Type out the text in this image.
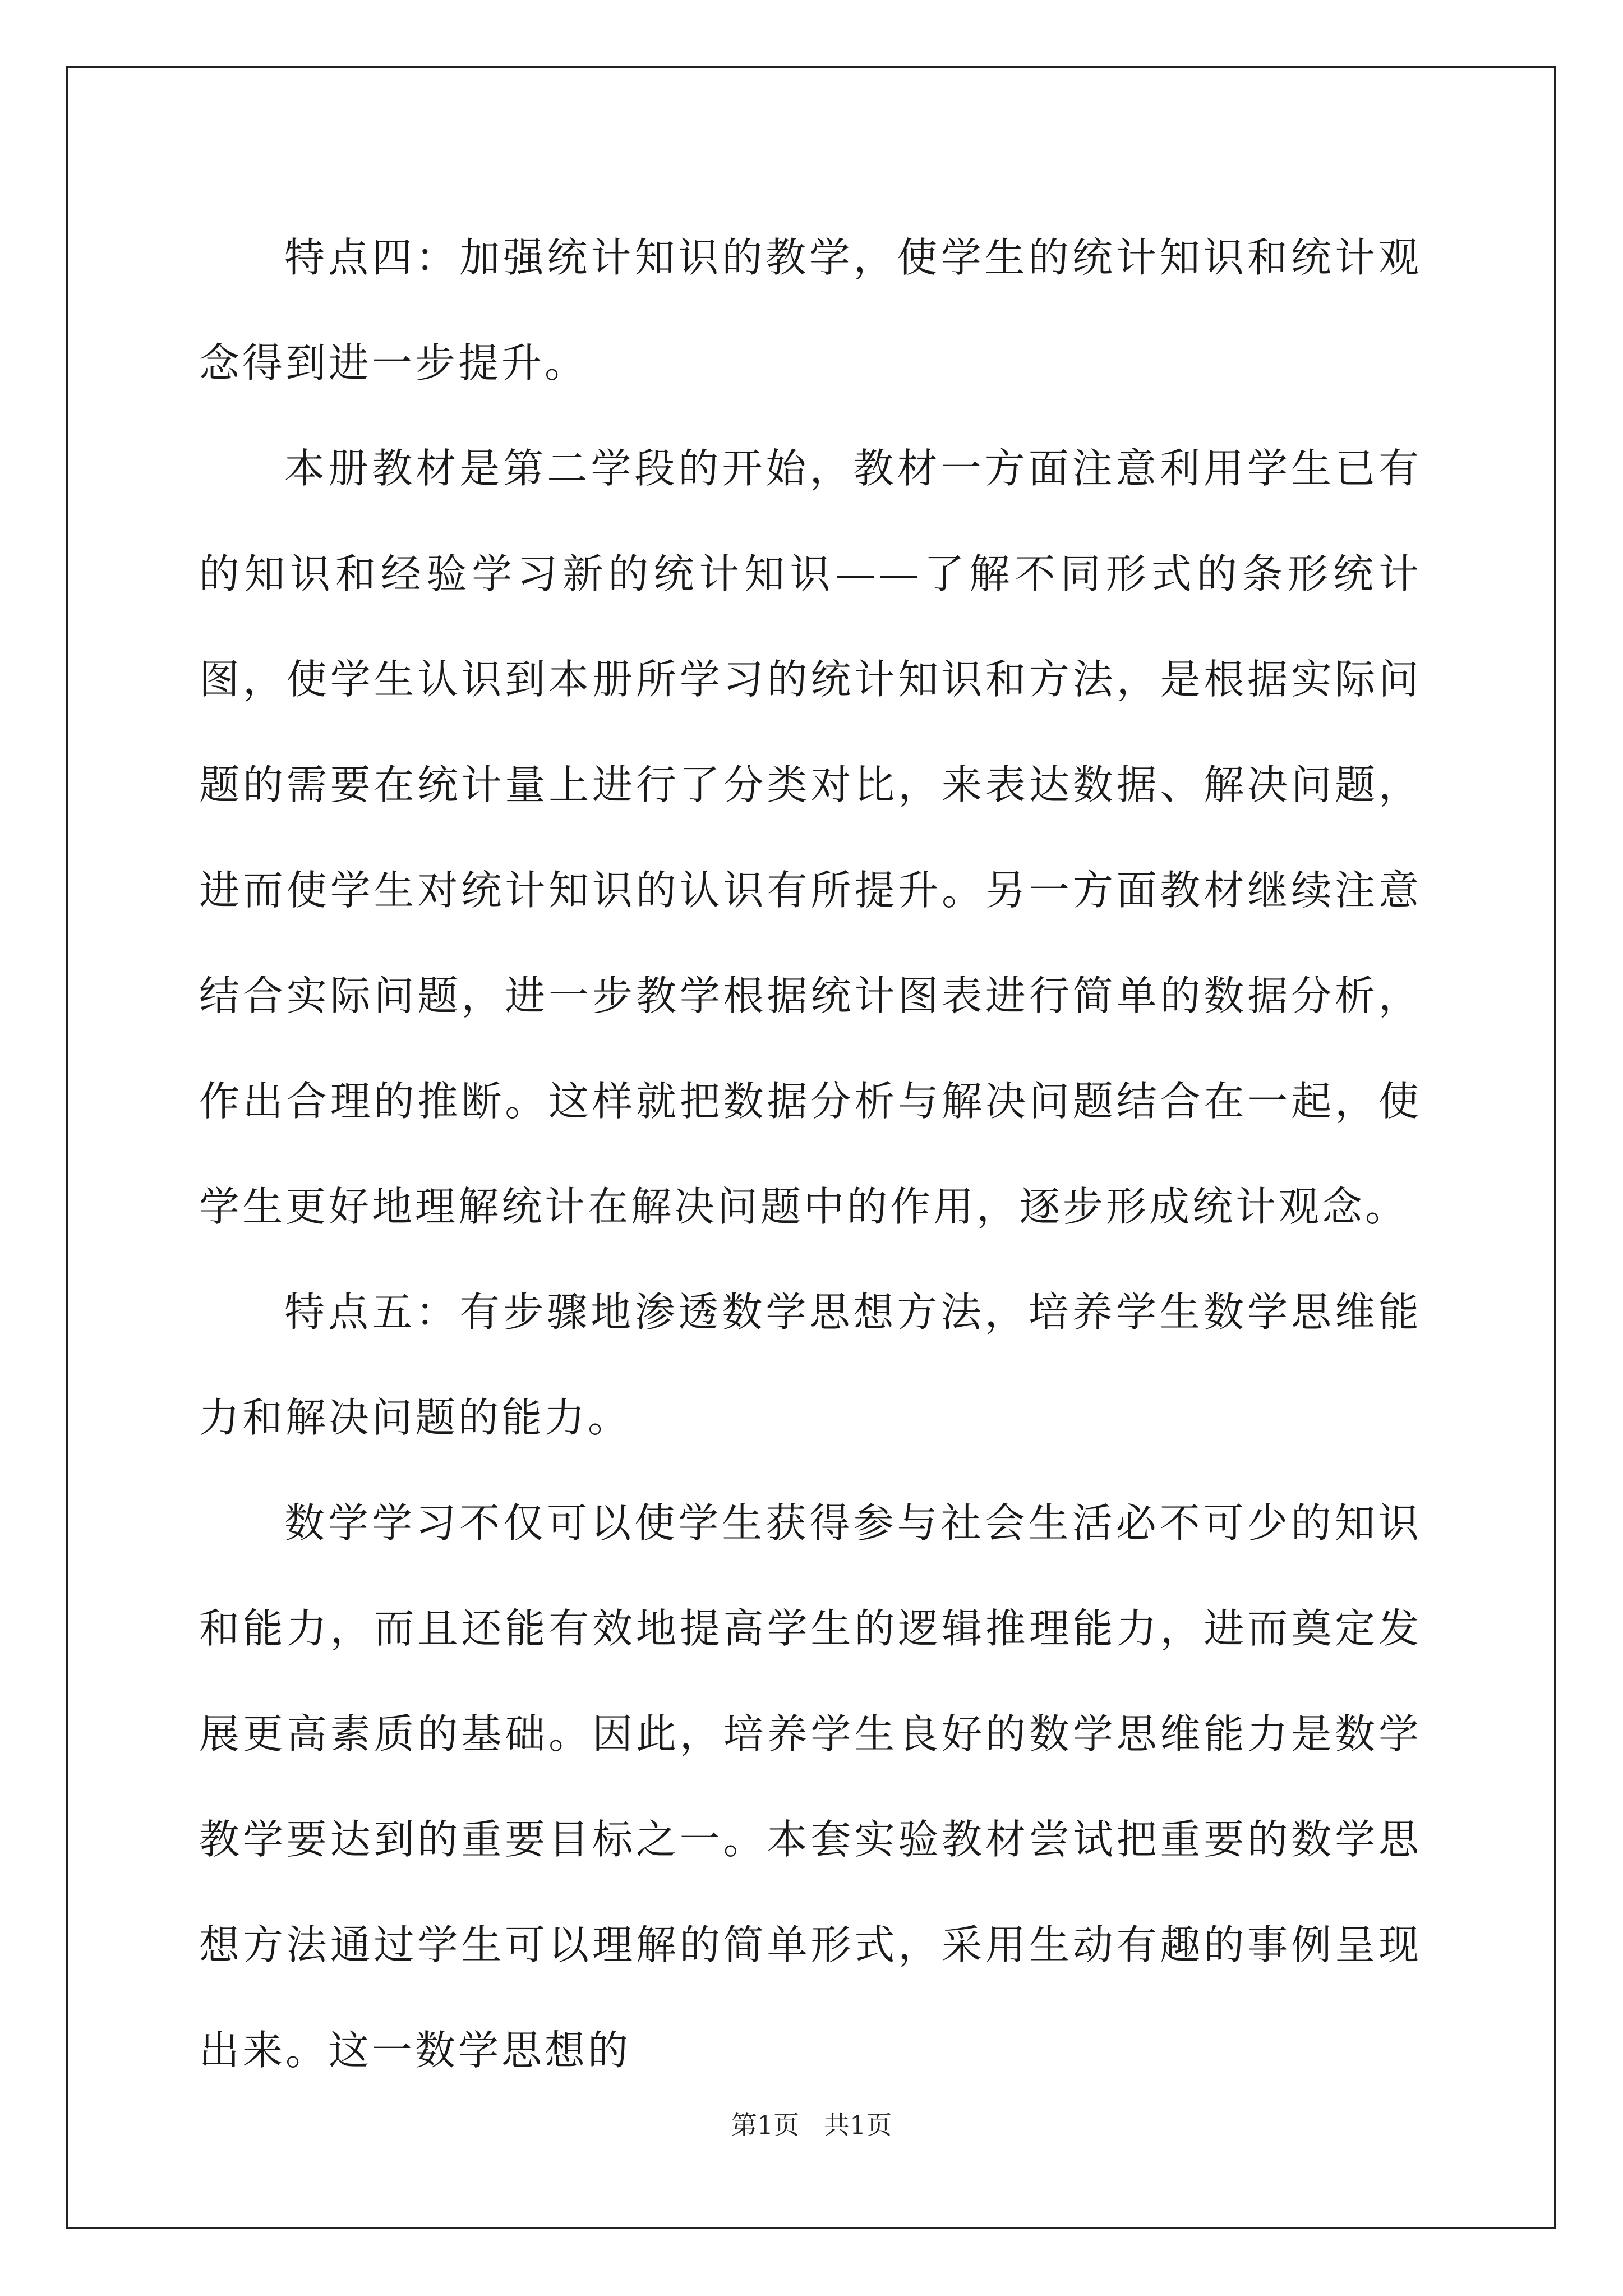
特点四：加强统计知识的教学，使学生的统计知识和统计观念得到进一步提升。

本册教材是第二学段的开始，教材一方面注意利用学生已有的知识和经验学习新的统计知识——了解不同形式的条形统计图，使学生认识到本册所学习的统计知识和方法，是根据实际问题的需要在统计量上进行了分类对比，来表达数据、解决问题，进而使学生对统计知识的认识有所提升。另一方面教材继续注意结合实际问题，进一步教学根据统计图表进行简单的数据分析，作出合理的推断。这样就把数据分析与解决问题结合在一起，使学生更好地理解统计在解决问题中的作用，逐步形成统计观念。

特点五：有步骤地渗透数学思想方法，培养学生数学思维能力和解决问题的能力。

数学学习不仅可以使学生获得参与社会生活必不可少的知识和能力，而且还能有效地提高学生的逻辑推理能力，进而奠定发展更高素质的基础。因此，培养学生良好的数学思维能力是数学教学要达到的重要目标之一。本套实验教材尝试把重要的数学思想方法通过学生可以理解的简单形式，采用生动有趣的事例呈现出来。这一数学思想的

第1页 共1页
